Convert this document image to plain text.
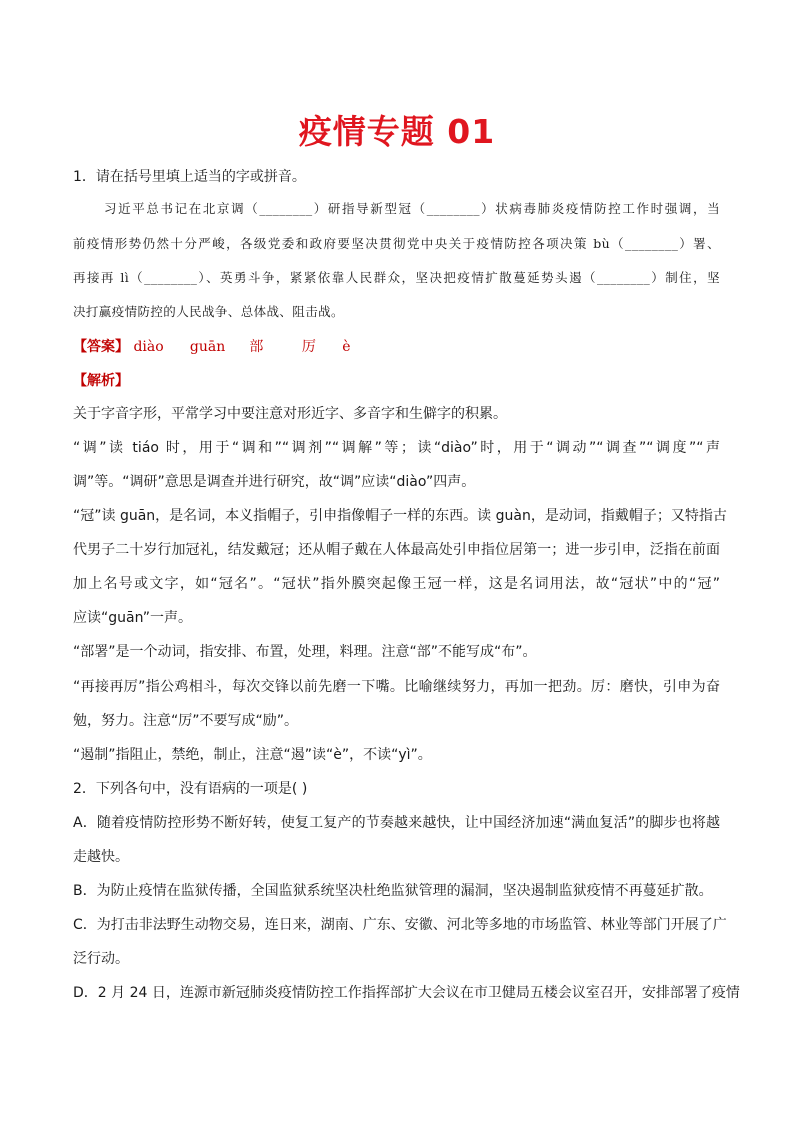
疫情专题 01
1．请在括号里填上适当的字或拼音。
习近平总书记在北京调（________）研指导新型冠（________）状病毒肺炎疫情防控工作时强调，当
前疫情形势仍然十分严峻，各级党委和政府要坚决贯彻党中央关于疫情防控各项决策 bù（________）署、
再接再 lì（________）、英勇斗争，紧紧依靠人民群众，坚决把疫情扩散蔓延势头遏（________）制住，坚
决打赢疫情防控的人民战争、总体战、阻击战。
【答案】 diào guān 部	厉 è
【解析】
关于字音字形，平常学习中要注意对形近字、多音字和生僻字的积累。
“调”读 tiáo 时，用于“调和”“调剂”“调解”等；读“diào”时，用于“调动”“调查”“调度”“声
调”等。“调研”意思是调查并进行研究，故“调”应读“diào”四声。
“冠”读 guān，是名词，本义指帽子，引申指像帽子一样的东西。读 guàn，是动词，指戴帽子；又特指古
代男子二十岁行加冠礼，结发戴冠；还从帽子戴在人体最高处引申指位居第一；进一步引申，泛指在前面
加上名号或文字，如“冠名”。“冠状”指外膜突起像王冠一样，这是名词用法，故“冠状”中的“冠”
应读“guān”一声。
“部署”是一个动词，指安排、布置，处理，料理。注意“部”不能写成“布”。
“再接再厉”指公鸡相斗，每次交锋以前先磨一下嘴。比喻继续努力，再加一把劲。厉：磨快，引申为奋
勉，努力。注意“厉”不要写成“励”。
“遏制”指阻止，禁绝，制止，注意“遏”读“è”，不读“yì”。
2．下列各句中，没有语病的一项是( )
A．随着疫情防控形势不断好转，使复工复产的节奏越来越快，让中国经济加速“满血复活”的脚步也将越
走越快。
B．为防止疫情在监狱传播，全国监狱系统坚决杜绝监狱管理的漏洞，坚决遏制监狱疫情不再蔓延扩散。
C．为打击非法野生动物交易，连日来，湖南、广东、安徽、河北等多地的市场监管、林业等部门开展了广
泛行动。
D．2 月 24 日，连源市新冠肺炎疫情防控工作指挥部扩大会议在市卫健局五楼会议室召开，安排部署了疫情
